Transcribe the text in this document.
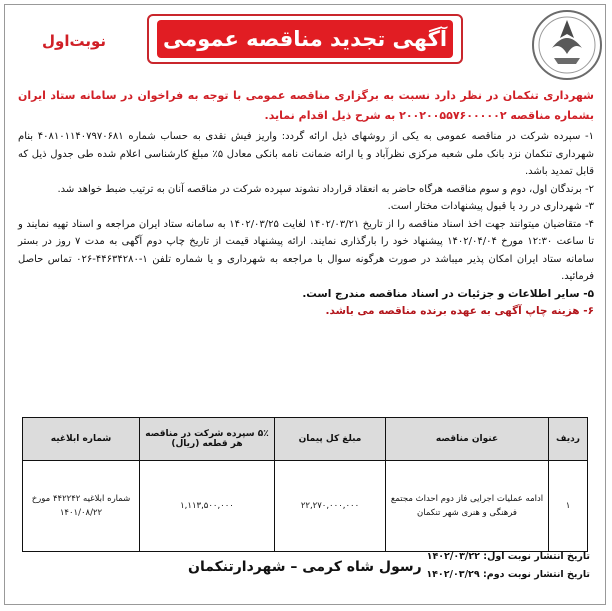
آگهی تجدید مناقصه عمومی
نوبت‌اول
شهرداری تنکمان در نظر دارد نسبت به برگزاری مناقصه عمومی با توجه به فراخوان در سامانه ستاد ایران بشماره مناقصه ۲۰۰۲۰۰۵۵۷۶۰۰۰۰۰۲ به شرح ذیل اقدام نماید.

۱- سپرده شرکت در مناقصه عمومی به یکی از روشهای ذیل ارائه گردد: واریز فیش نقدی به حساب شماره ۴۰۸۱۰۱۱۴۰۷۹۷۰۶۸۱ بنام شهرداری تنکمان نزد بانک ملی شعبه مرکزی نظرآباد و یا ارائه ضمانت نامه بانکی معادل ۵٪ مبلغ کارشناسی اعلام شده طی جدول ذیل که قابل تمدید باشد.

۲- برندگان اول، دوم و سوم مناقصه هرگاه حاضر به انعقاد قرارداد نشوند سپرده شرکت در مناقصه آنان به ترتیب ضبط خواهد شد.

۳- شهرداری در رد یا قبول پیشنهادات مختار است.

۴- متقاضیان میتوانند جهت اخذ اسناد مناقصه را از تاریخ ۱۴۰۲/۰۳/۲۱ لغایت ۱۴۰۲/۰۳/۲۵ به سامانه ستاد ایران مراجعه و اسناد تهیه نمایند و تا ساعت ۱۲:۳۰ مورخ ۱۴۰۲/۰۴/۰۴ پیشنهاد خود را بارگذاری نمایند. ارائه پیشنهاد قیمت از تاریخ چاپ دوم آگهی به مدت ۷ روز در بستر سامانه ستاد ایران امکان پذیر میباشد در صورت هرگونه سوال با مراجعه به شهرداری و یا شماره تلفن ۱-۴۴۶۳۴۲۸۰-۰۲۶ تماس حاصل فرمائید.

۵- سایر اطلاعات و جزئیات در اسناد مناقصه مندرج است.

۶- هزینه چاپ آگهی به عهده برنده مناقصه می باشد.

ردیف	عنوان مناقصه	مبلغ کل پیمان	۵٪ سپرده شرکت در مناقصه هر قطعه (ریال)	شماره ابلاغیه
۱	ادامه عملیات اجرایی فاز دوم احداث مجتمع فرهنگی و هنری شهر تنکمان	۲۲,۲۷۰,۰۰۰,۰۰۰	۱,۱۱۳,۵۰۰,۰۰۰	شماره ابلاغیه ۴۴۲۲۴۲ مورخ ۱۴۰۱/۰۸/۲۲
تاریخ انتشار نوبت اول: ۱۴۰۲/۰۳/۲۲
تاریخ انتشار نوبت دوم: ۱۴۰۲/۰۳/۲۹
رسول شاه کرمی – شهردارتنکمان
